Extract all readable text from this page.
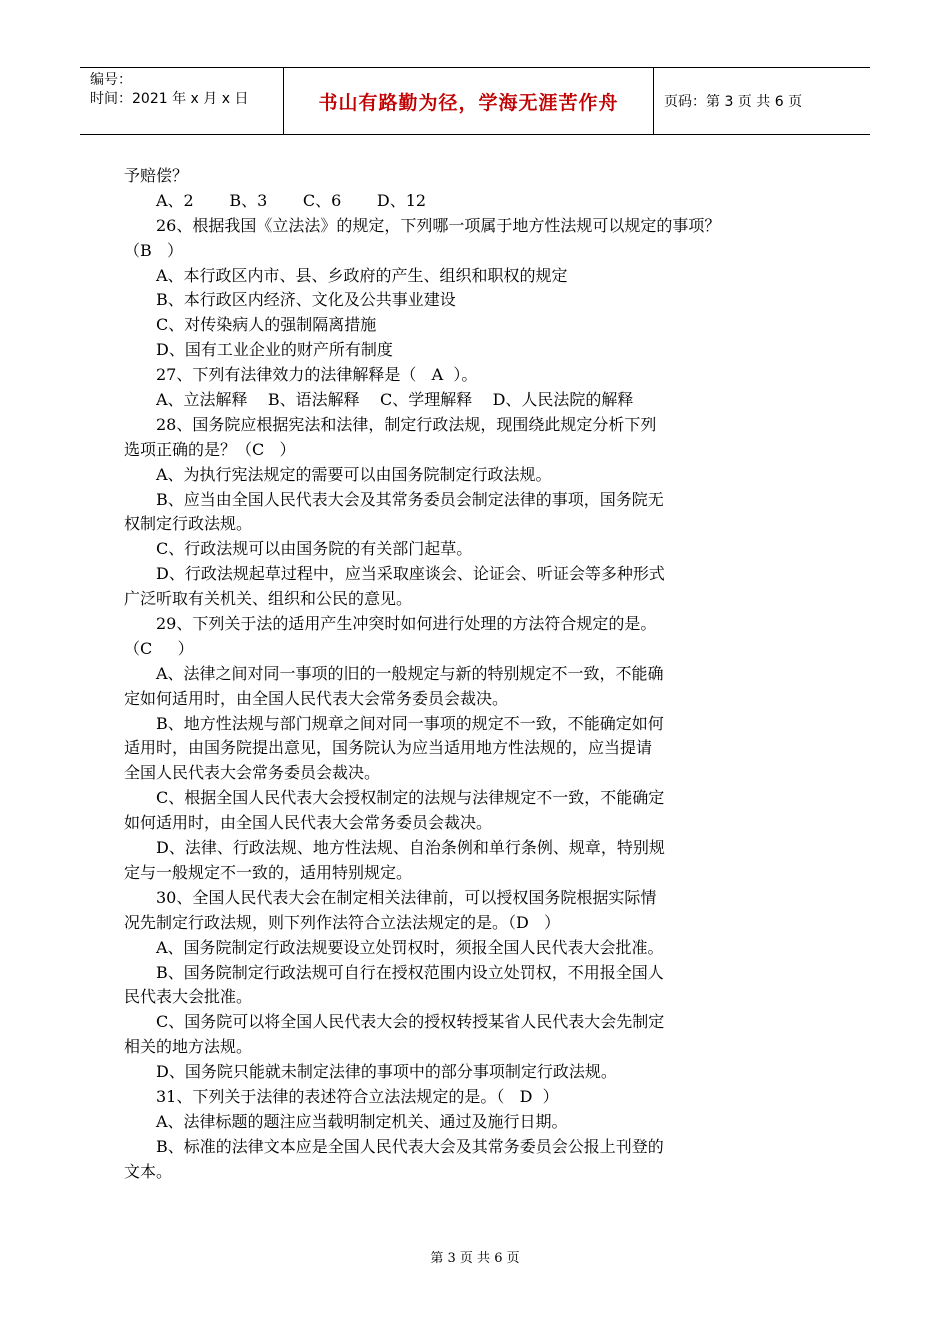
编号：
时间：2021 年 x 月 x 日	书山有路勤为径，学海无涯苦作舟	页码：第 3 页 共 6 页
予赔偿？
A、2       B、3       C、6       D、12
26、根据我国《立法法》的规定，下列哪一项属于地方性法规可以规定的事项？
（B   ）
A、本行政区内市、县、乡政府的产生、组织和职权的规定
B、本行政区内经济、文化及公共事业建设
C、对传染病人的强制隔离措施
D、国有工业企业的财产所有制度
27、下列有法律效力的法律解释是（   A  ）。
A、立法解释    B、语法解释    C、学理解释    D、人民法院的解释
28、国务院应根据宪法和法律，制定行政法规，现围绕此规定分析下列
选项正确的是？（C   ）
A、为执行宪法规定的需要可以由国务院制定行政法规。
B、应当由全国人民代表大会及其常务委员会制定法律的事项，国务院无
权制定行政法规。
C、行政法规可以由国务院的有关部门起草。
D、行政法规起草过程中，应当采取座谈会、论证会、听证会等多种形式
广泛听取有关机关、组织和公民的意见。
29、下列关于法的适用产生冲突时如何进行处理的方法符合规定的是。
（C     ）
A、法律之间对同一事项的旧的一般规定与新的特别规定不一致，不能确
定如何适用时，由全国人民代表大会常务委员会裁决。
B、地方性法规与部门规章之间对同一事项的规定不一致，不能确定如何
适用时，由国务院提出意见，国务院认为应当适用地方性法规的，应当提请
全国人民代表大会常务委员会裁决。
C、根据全国人民代表大会授权制定的法规与法律规定不一致，不能确定
如何适用时，由全国人民代表大会常务委员会裁决。
D、法律、行政法规、地方性法规、自治条例和单行条例、规章，特别规
定与一般规定不一致的，适用特别规定。
30、全国人民代表大会在制定相关法律前，可以授权国务院根据实际情
况先制定行政法规，则下列作法符合立法法规定的是。（D   ）
A、国务院制定行政法规要设立处罚权时，须报全国人民代表大会批准。
B、国务院制定行政法规可自行在授权范围内设立处罚权，不用报全国人
民代表大会批准。
C、国务院可以将全国人民代表大会的授权转授某省人民代表大会先制定
相关的地方法规。
D、国务院只能就未制定法律的事项中的部分事项制定行政法规。
31、下列关于法律的表述符合立法法规定的是。（   D  ）
A、法律标题的题注应当载明制定机关、通过及施行日期。
B、标准的法律文本应是全国人民代表大会及其常务委员会公报上刊登的
文本。
第 3 页 共 6 页
